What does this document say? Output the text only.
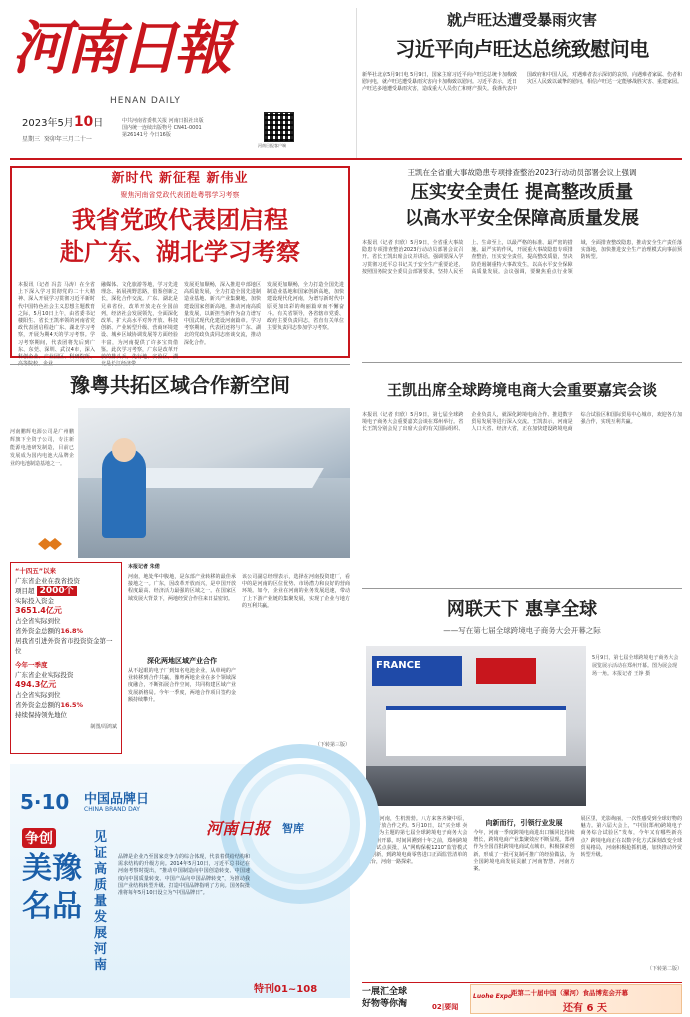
河南日報
HENAN DAILY
2023年5月10日
星期三 癸卯年三月二十一
中共河南省委机关报 河南日报社出版
国内统一连续出版物号 CN41-0001
第26141号 今日16版
河南日报客户端
就卢旺达遭受暴雨灾害
习近平向卢旺达总统致慰问电
新华社北京5月9日电 5月9日，国家主席习近平向卢旺达总统卡加梅致慰问电，就卢旺达遭受暴雨灾害向卡加梅致以慰问。习近平表示，近日卢旺达多地遭受暴雨灾害，造成重大人员伤亡和财产损失。我谨代表中国政府和中国人民，对遇难者表示深切的哀悼，向遇难者家属、伤者和灾区人民致以诚挚的慰问，相信卢旺达一定能够战胜灾害、重建家园。
新时代 新征程 新伟业
聚焦河南省党政代表团赴粤鄂学习考察
我省党政代表团启程
赴广东、湖北学习考察
本报讯（记者 冯芸 马涛）在全省上下深入学习贯彻党的二十大精神、深入开展学习贯彻习近平新时代中国特色社会主义思想主题教育之际，5月10日上午，由省委书记楼阳生、省长王凯率领的河南省党政代表团启程赴广东、湖北学习考察，开展为期4天的学习考察。学习考察期间，代表团将先后到广东、东莞、深圳、武汉4市，深入科创企业、产业园区、科研院所、
融媒体、文化旅游等地，学习先进理念、拓展视野思路，借鉴创新之长，深化合作交流。广东、湖北是兄弟省份，改革开放走在全国前列，经济社会发展领先，全面深化改革、扩大高水平对外开放、科技创新、产业转型升级、营商环境建设、城乡区域协调发展等方面经验丰富，为河南提供了许多宝贵借鉴。此次学习考察，广东是改革开放的排头兵，先行地、实验区，湖
发展更加顺畅，深入推进中部地区高质量发展，全力打造全国先进制造业基地、新兴产业集聚地，加快建设国家创新高地，推动河南高质量发展，以新担当新作为奋力谱写中国式现代化建设河南篇章。学习考察期间，代表团还将与广东、湖北的党政负责同志座谈交流，推动深化合作。
发展更加顺畅，全力打造全国先进制造业基地和国家创新高地，加快建设现代化河南，为谱写新时代中原更加出彩的绚丽篇章而不懈奋斗。有关省领导，各省辖市党委、政府主要负责同志，省直有关单位主要负责同志参加学习考察。
王凯在全省重大事故隐患专项排查整治2023行动动员部署会议上强调
压实安全责任 提高整改质量
以高水平安全保障高质量发展
本报讯（记者 归欣）5月9日，全省重大事故隐患专项排查整治2023行动动员部署会议召开。省长王凯出席会议并讲话。强调要深入学习贯彻习近平总书记关于安全生产重要论述，按照国务院安全委员会部署要求，坚持人民至上、生命至上，以最严格的标准、最严密的措施、最严实的作风，开展重大事故隐患专项排查整治，压实安全责任，提高整改质量，坚决防范遏制重特大事故发生，以高水平安全保障高质量发展。会议强调，要聚焦重点行业领域，全面排查整改隐患，推动安全生产责任落实落地，加快推进安全生产治理模式向事前预防转型。
豫粤共拓区域合作新空间
河南鹏辉电源公司是广州鹏辉旗下全资子公司，专注新能源电池研发制造，目前已发展成为国内电池大品牌企业的电池制造基地之一。
“十四五”以来
广东省企业在我省投资
项目超 2000个
实际投入资金
3651.4亿元
占全省实际到位
省外资金总额的16.8%
居我省引进外资省市投资资金第一位
今年一季度
广东省企业实际投资
494.3亿元
占全省实际到位
省外资金总额的16.5%
持续保持领先地位
制图/周鸿斌
本报记者 朱偌
河南，地处华中腹地，是东部产业转移的最佳承接地之一。广东，因改革开放而兴，是中国开放程度最高、经济活力最强的区域之一。在国家区域发展大背景下，两地经贸合作往来日益密切。
深化两地区域产业合作
从不起眼的电子厂到知名电池企业，从单纯的产业转移到合作共赢，豫粤两地企业在多个领域深度融合，不断拓展合作空间，共同构建区域产业发展新格局。今年一季度，两地合作项目签约金额持续攀升。
该公司副总经理表示，选择在河南投资建厂，看中的是河南的区位优势、市场潜力和良好的营商环境。如今，企业在河南的业务发展迅速，带动了上下游产业链的集聚发展，实现了企业与地方的互利共赢。
（下转第三版）
王凯出席全球跨境电商大会重要嘉宾会谈
本报讯（记者 归欣）5月9日，第七届全球跨境电子商务大会重要嘉宾会谈在郑州举行。省长王凯分别会见了出席大会的有关国际组织、企业负责人，就深化跨境电商合作、推进数字贸易发展等进行深入交流。王凯表示，河南是人口大省、经济大省，正在加快建设跨境电商综合试验区和国际贸易中心城市，欢迎各方加强合作，实现互利共赢。
网联天下 惠享全球
——写在第七届全球跨境电子商务大会开幕之际
FRANCE
5月9日，第七届全球跨境电子商务大会展览展示活动在郑州开幕。图为展会现场一角。本报记者 王铮 摄
5月的河南，生机勃勃。八方来客齐聚中原，共赴开放合作之约。5月10日，以“买全球 卖全球”为主题的第七届全球跨境电子商务大会在郑州开幕。时间回溯到十年之前，郑州跨境电商试点获批，从“网购保税1210”监管模式的创新，到跨境电商零售进口正面监管清单的出台，河南一路探索。
向新而行，引领行业发展
今年，河南一季度跨境电商进出口额同比持续增长，跨境电商产业集聚效应不断显现。郑州作为全国首批跨境电商试点城市，积极探索创新，形成了一批可复制可推广的经验做法，为全国跨境电商发展贡献了河南智慧、河南方案。
展区里，光影绚丽，一次性感受到全球好物的魅力。第六届大会上，“中国(郑州)跨境电子商务综合试验区”发布，今年又有哪些新亮点？跨境电商正在以数字化方式深刻改变全球贸易格局，河南积极抢抓机遇，加快推动外贸转型升级。
（下转第二版）
5·10 中国品牌日
CHINA BRAND DAY
河南日报 智库
争创
美豫
名品
见证高质量发展河南
品牌是企业乃至国家竞争力的综合体现，代表着供给结构和需求结构的升级方向。2014年5月10日，习近平总书记在河南考察时提出，“推动中国制造向中国创造转变、中国速度向中国质量转变、中国产品向中国品牌转变”，为推动我国产业结构转型升级、打造中国品牌指明了方向。国务院批准将每年5月10日设立为“中国品牌日”。
特刊01~108	一展汇全球
好物等你淘	02|要闻
Luohe Expo
距第二十届中国（漯河）食品博览会开幕
还有 6 天
